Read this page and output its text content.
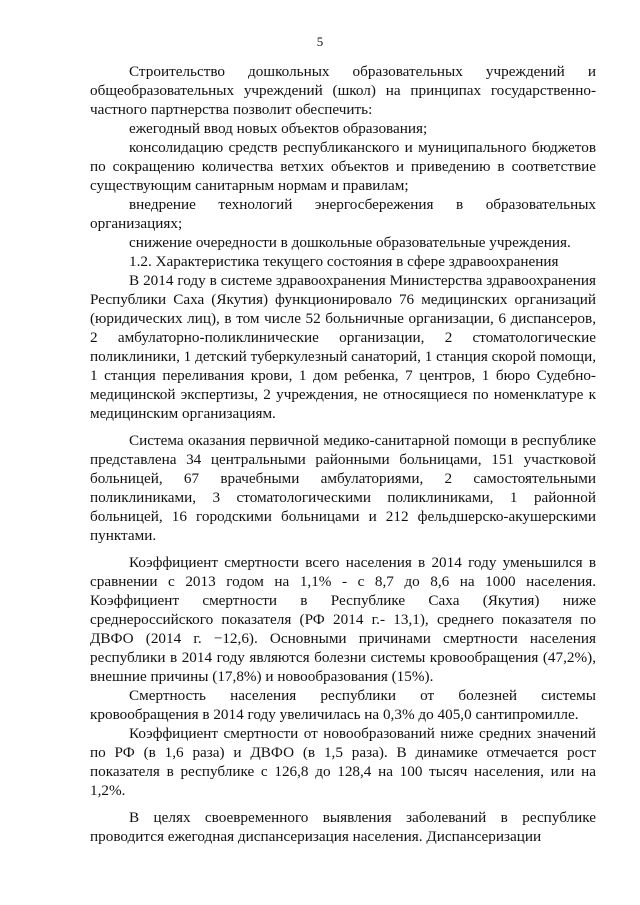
5

Строительство дошкольных образовательных учреждений и общеобразовательных учреждений (школ) на принципах государственно-частного партнерства позволит обеспечить:

ежегодный ввод новых объектов образования;

консолидацию средств республиканского и муниципального бюджетов по сокращению количества ветхих объектов и приведению в соответствие существующим санитарным нормам и правилам;

внедрение технологий энергосбережения в образовательных организациях;

снижение очередности в дошкольные образовательные учреждения.

1.2. Характеристика текущего состояния в сфере здравоохранения

В 2014 году в системе здравоохранения Министерства здравоохранения Республики Саха (Якутия) функционировало 76 медицинских организаций (юридических лиц), в том числе 52 больничные организации, 6 диспансеров, 2 амбулаторно-поликлинические организации, 2 стоматологические поликлиники, 1 детский туберкулезный санаторий, 1 станция скорой помощи, 1 станция переливания крови, 1 дом ребенка, 7 центров, 1 бюро Судебно-медицинской экспертизы, 2 учреждения, не относящиеся по номенклатуре к медицинским организациям.

Система оказания первичной медико-санитарной помощи в республике представлена 34 центральными районными больницами, 151 участковой больницей, 67 врачебными амбулаториями, 2 самостоятельными поликлиниками, 3 стоматологическими поликлиниками, 1 районной больницей, 16 городскими больницами и 212 фельдшерско-акушерскими пунктами.

Коэффициент смертности всего населения в 2014 году уменьшился в сравнении с 2013 годом на 1,1% - с 8,7 до 8,6 на 1000 населения. Коэффициент смертности в Республике Саха (Якутия) ниже среднероссийского показателя (РФ 2014 г.- 13,1), среднего показателя по ДВФО (2014 г. −12,6). Основными причинами смертности населения республики в 2014 году являются болезни системы кровообращения (47,2%), внешние причины (17,8%) и новообразования (15%).

Смертность населения республики от болезней системы кровообращения в 2014 году увеличилась на 0,3% до 405,0 сантипромилле.

Коэффициент смертности от новообразований ниже средних значений по РФ (в 1,6 раза) и ДВФО (в 1,5 раза). В динамике отмечается рост показателя в республике с 126,8 до 128,4 на 100 тысяч населения, или на 1,2%.

В целях своевременного выявления заболеваний в республике проводится ежегодная диспансеризация населения. Диспансеризации
